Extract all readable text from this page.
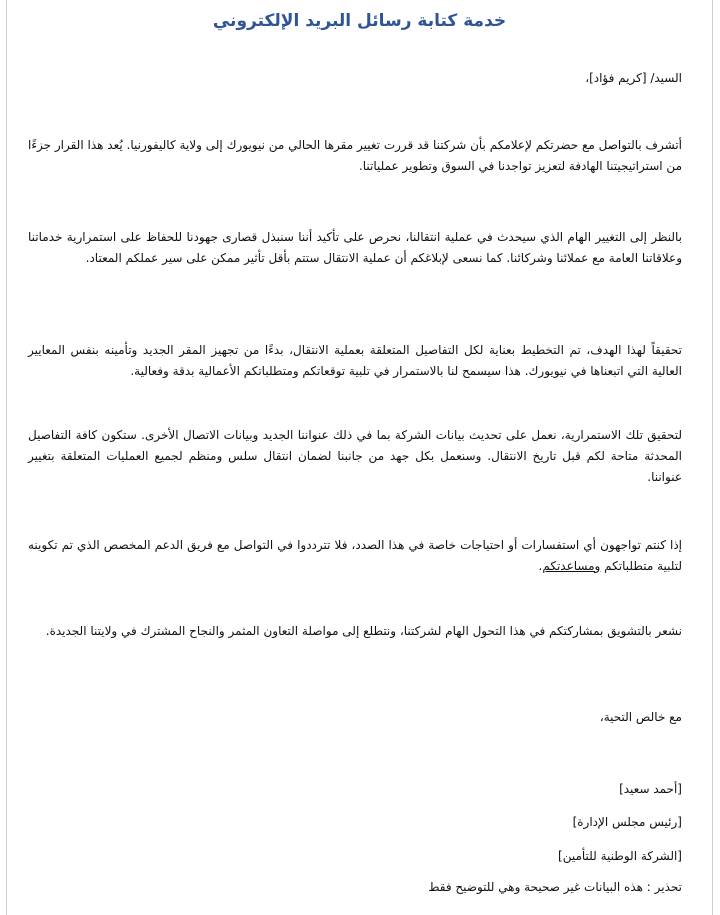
خدمة كتابة رسائل البريد الإلكتروني

السيد/ [كريم فؤاد]،

أتشرف بالتواصل مع حضرتكم لإعلامكم بأن شركتنا قد قررت تغيير مقرها الحالي من نيويورك إلى ولاية كاليفورنيا. يُعد هذا القرار جزءًا من استراتيجيتنا الهادفة لتعزيز تواجدنا في السوق وتطوير عملياتنا.

بالنظر إلى التغيير الهام الذي سيحدث في عملية انتقالنا، نحرص على تأكيد أننا سنبذل قصارى جهودنا للحفاظ على استمرارية خدماتنا وعلاقاتنا العامة مع عملائنا وشركائنا. كما نسعى لإبلاغكم أن عملية الانتقال ستتم بأقل تأثير ممكن على سير عملكم المعتاد.

تحقيقاً لهذا الهدف، تم التخطيط بعناية لكل التفاصيل المتعلقة بعملية الانتقال، بدءًا من تجهيز المقر الجديد وتأمينه بنفس المعايير العالية التي اتبعناها في نيويورك. هذا سيسمح لنا بالاستمرار في تلبية توقعاتكم ومتطلباتكم الأعمالية بدقة وفعالية.

لتحقيق تلك الاستمرارية، نعمل على تحديث بيانات الشركة بما في ذلك عنواننا الجديد وبيانات الاتصال الأخرى. ستكون كافة التفاصيل المحدثة متاحة لكم قبل تاريخ الانتقال. وسنعمل بكل جهد من جانبنا لضمان انتقال سلس ومنظم لجميع العمليات المتعلقة بتغيير عنواننا.

إذا كنتم تواجهون أي استفسارات أو احتياجات خاصة في هذا الصدد، فلا تترددوا في التواصل مع فريق الدعم المخصص الذي تم تكوينه لتلبية متطلباتكم ومساعدتكم.

نشعر بالتشويق بمشاركتكم في هذا التحول الهام لشركتنا، ونتطلع إلى مواصلة التعاون المثمر والنجاح المشترك في ولايتنا الجديدة.

مع خالص التحية،

[أحمد سعيد]

[رئيس مجلس الإدارة]

[الشركة الوطنية للتأمين]

تحذير : هذه البيانات غير صحيحة وهي للتوضيح فقط
